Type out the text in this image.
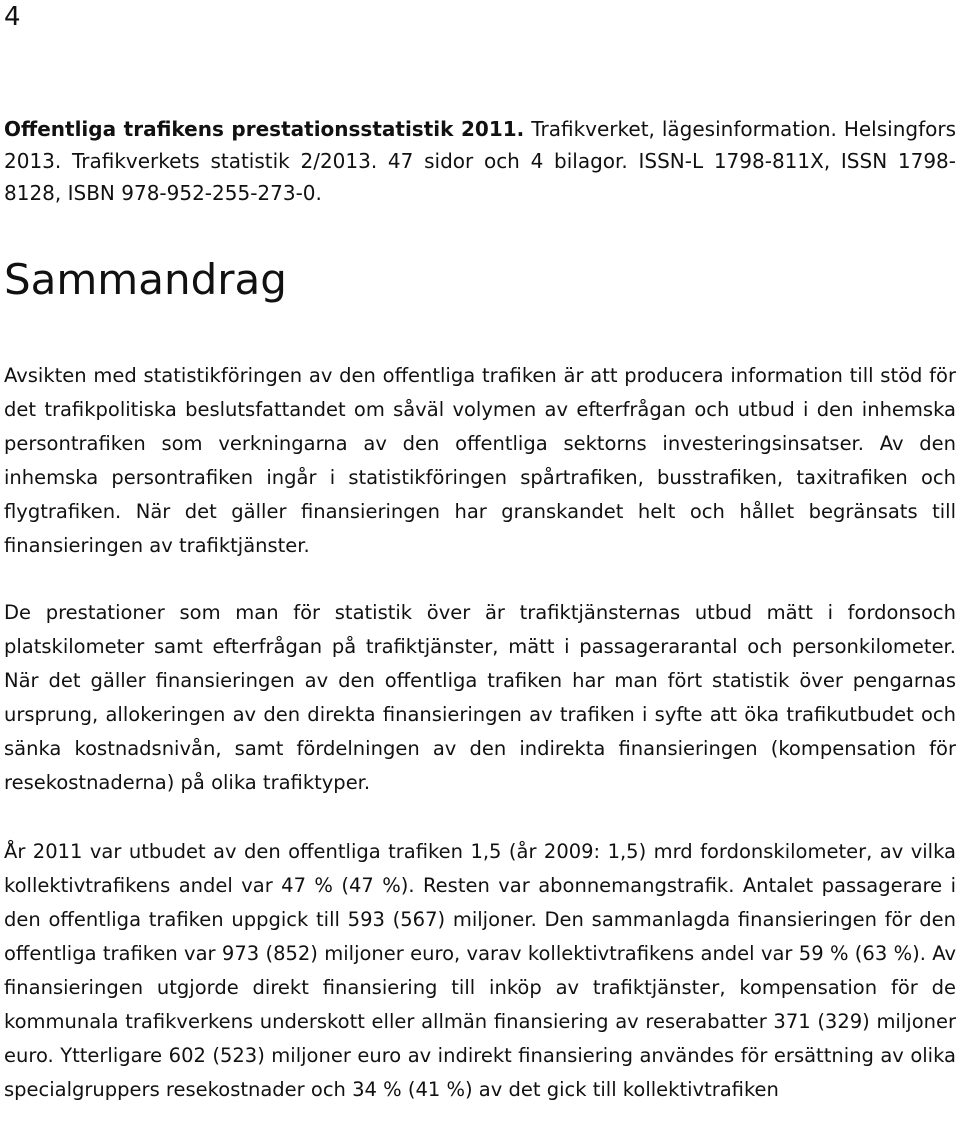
4
Offentliga trafikens prestationsstatistik 2011. Trafikverket, lägesinformation. Helsingfors 2013. Trafikverkets statistik 2/2013. 47 sidor och 4 bilagor. ISSN-L 1798-811X, ISSN 1798-8128, ISBN 978-952-255-273-0.
Sammandrag

Avsikten med statistikföringen av den offentliga trafiken är att producera information till stöd för det trafikpolitiska beslutsfattandet om såväl volymen av efterfrågan och utbud i den inhemska persontrafiken som verkningarna av den offentliga sektorns investeringsinsatser. Av den inhemska persontrafiken ingår i statistikföringen spårtrafiken, busstrafiken, taxitrafiken och flygtrafiken. När det gäller finansieringen har granskandet helt och hållet begränsats till finansieringen av trafiktjänster.

De prestationer som man för statistik över är trafiktjänsternas utbud mätt i fordonsoch platskilometer samt efterfrågan på trafiktjänster, mätt i passagerarantal och personkilometer. När det gäller finansieringen av den offentliga trafiken har man fört statistik över pengarnas ursprung, allokeringen av den direkta finansieringen av trafiken i syfte att öka trafikutbudet och sänka kostnadsnivån, samt fördelningen av den indirekta finansieringen (kompensation för resekostnaderna) på olika trafiktyper.

År 2011 var utbudet av den offentliga trafiken 1,5 (år 2009: 1,5) mrd fordonskilometer, av vilka kollektivtrafikens andel var 47 % (47 %). Resten var abonnemangstrafik. Antalet passagerare i den offentliga trafiken uppgick till 593 (567) miljoner. Den sammanlagda finansieringen för den offentliga trafiken var 973 (852) miljoner euro, varav kollektivtrafikens andel var 59 % (63 %). Av finansieringen utgjorde direkt finansiering till inköp av trafiktjänster, kompensation för de kommunala trafikverkens underskott eller allmän finansiering av reserabatter 371 (329) miljoner euro. Ytterligare 602 (523) miljoner euro av indirekt finansiering användes för ersättning av olika specialgruppers resekostnader och 34 % (41 %) av det gick till kollektivtrafiken
